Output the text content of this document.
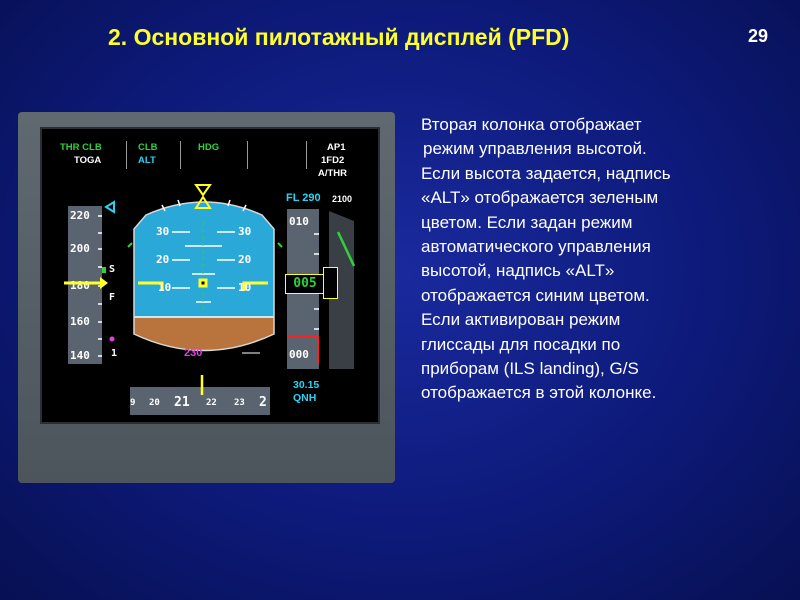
2. Основной пилотажный дисплей (PFD)	29
Вторая колонка отображает
режим управления высотой.
Если высота задается, надпись
«ALT» отображается зеленым
цветом. Если задан режим
автоматического управления
высотой, надпись «ALT»
отображается синим цветом.
Если активирован режим
глиссады для посадки по
приборам (ILS landing), G/S
отображается в этой колонке.
THR CLB
TOGA
CLB
ALT
HDG	AP1
1FD2
A/THR
220
200
180
160
140
S
F
1
30
20
10
30
20
10
230
FL 290 2100
010
000
005
30.15
QNH
9 20 21 22 23 2
